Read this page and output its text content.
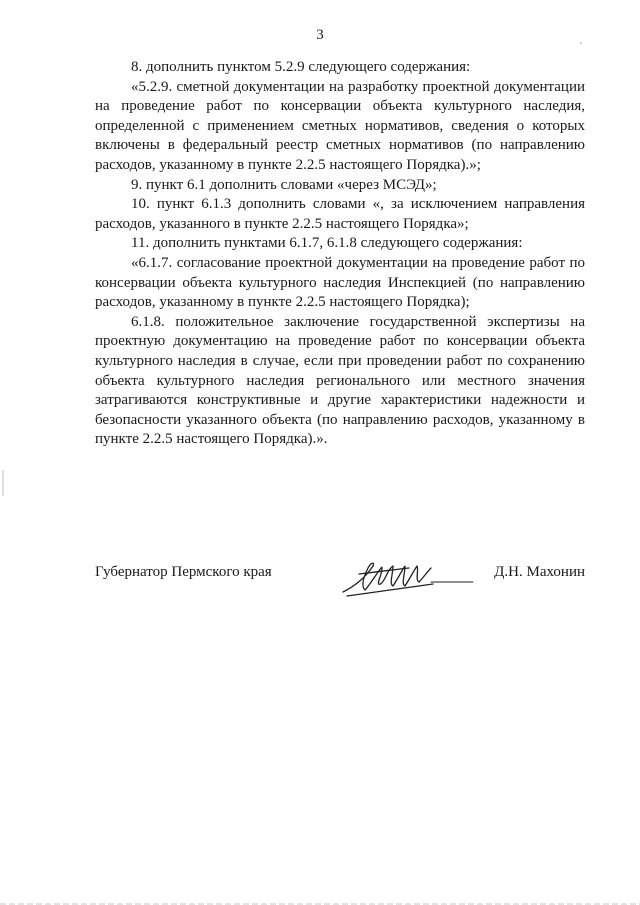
3

8. дополнить пунктом 5.2.9 следующего содержания:

«5.2.9. сметной документации на разработку проектной документации на проведение работ по консервации объекта культурного наследия, определенной с применением сметных нормативов, сведения о которых включены в федеральный реестр сметных нормативов (по направлению расходов, указанному в пункте 2.2.5 настоящего Порядка).»;

9. пункт 6.1 дополнить словами «через МСЭД»;

10. пункт 6.1.3 дополнить словами «, за исключением направления расходов, указанного в пункте 2.2.5 настоящего Порядка»;

11. дополнить пунктами 6.1.7, 6.1.8 следующего содержания:

«6.1.7. согласование проектной документации на проведение работ по консервации объекта культурного наследия Инспекцией (по направлению расходов, указанному в пункте 2.2.5 настоящего Порядка);

6.1.8. положительное заключение государственной экспертизы на проектную документацию на проведение работ по консервации объекта культурного наследия в случае, если при проведении работ по сохранению объекта культурного наследия регионального или местного значения затрагиваются конструктивные и другие характеристики надежности и безопасности указанного объекта (по направлению расходов, указанному в пункте 2.2.5 настоящего Порядка).».

Губернатор Пермского края	Д.Н. Махонин
